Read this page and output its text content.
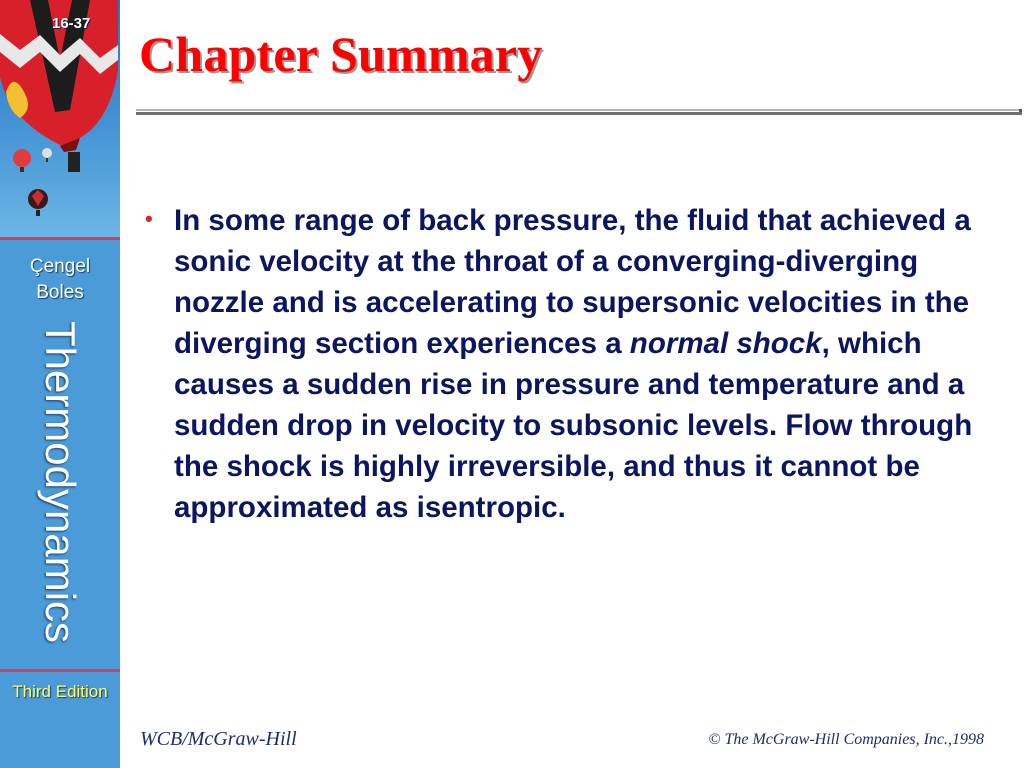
16-37
Çengel
Boles
Thermodynamics
Third Edition
Chapter Summary
• In some range of back pressure, the fluid that achieved a sonic velocity at the throat of a converging-diverging nozzle and is accelerating to supersonic velocities in the diverging section experiences a normal shock, which causes a sudden rise in pressure and temperature and a sudden drop in velocity to subsonic levels. Flow through the shock is highly irreversible, and thus it cannot be approximated as isentropic.

WCB/McGraw-Hill	© The McGraw-Hill Companies, Inc.,1998
